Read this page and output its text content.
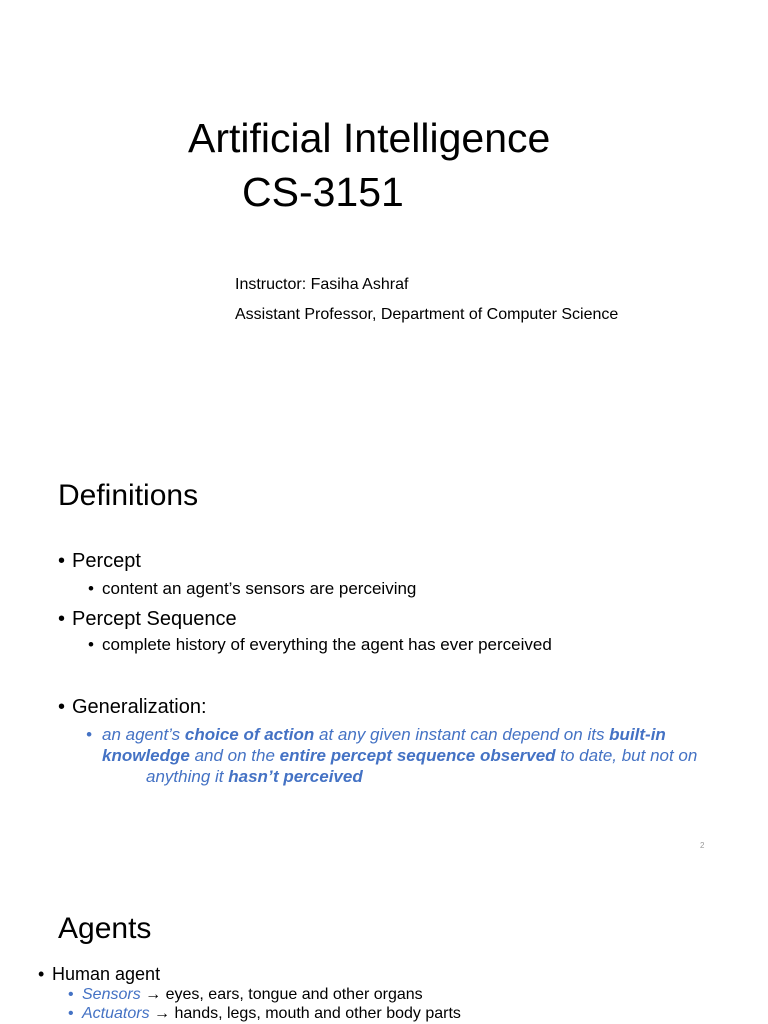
Artificial Intelligence
CS-3151
Instructor: Fasiha Ashraf
Assistant Professor, Department of Computer Science
Definitions
• Percept
• content an agent’s sensors are perceiving
• Percept Sequence
• complete history of everything the agent has ever perceived
• Generalization:
• an agent’s choice of action at any given instant can depend on its built-in knowledge and on the entire percept sequence observed to date, but not on
anything it hasn’t perceived
2
Agents
• Human agent
• Sensors → eyes, ears, tongue and other organs
• Actuators → hands, legs, mouth and other body parts
